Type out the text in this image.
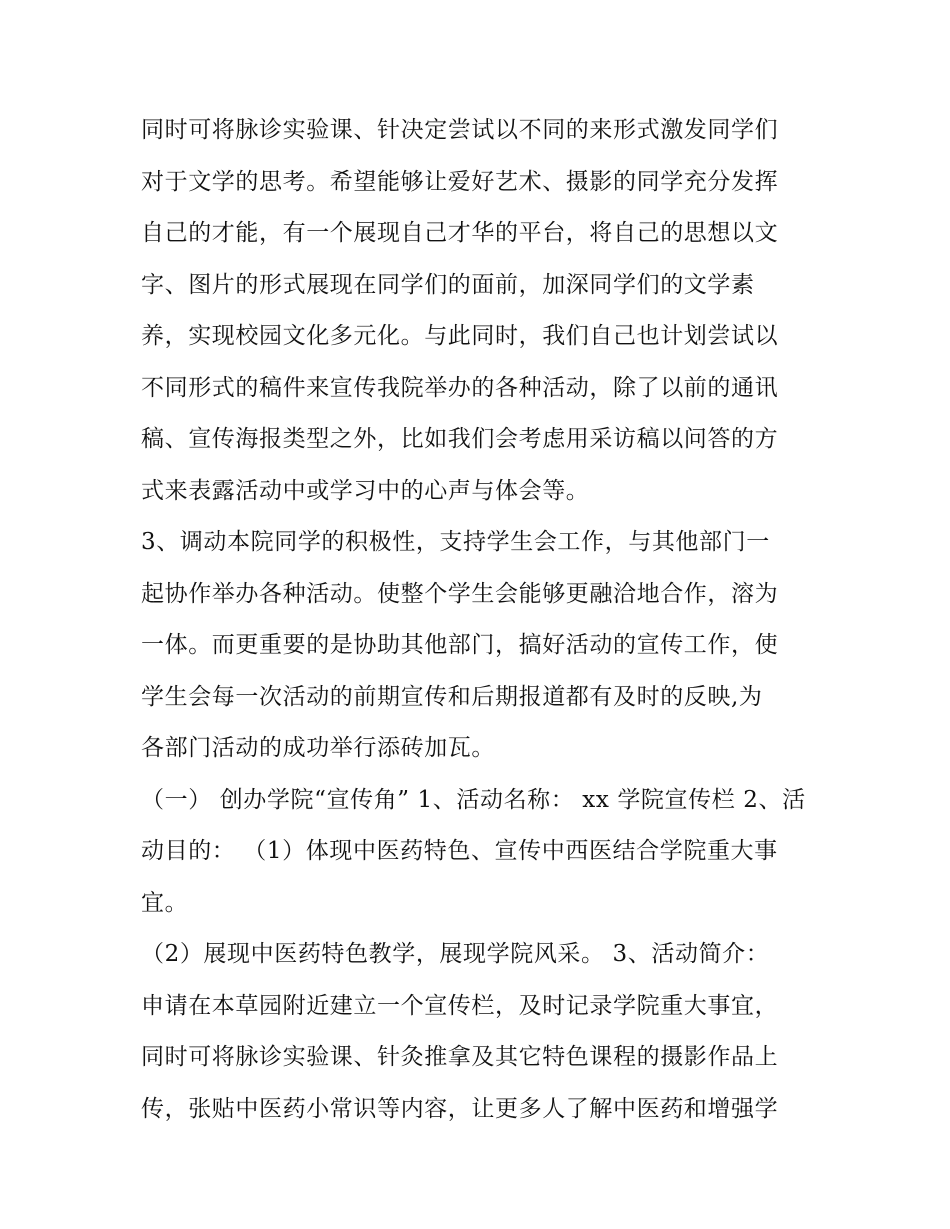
同时可将脉诊实验课、针决定尝试以不同的来形式激发同学们
对于文学的思考。希望能够让爱好艺术、摄影的同学充分发挥
自己的才能，有一个展现自己才华的平台，将自己的思想以文
字、图片的形式展现在同学们的面前，加深同学们的文学素
养，实现校园文化多元化。与此同时，我们自己也计划尝试以
不同形式的稿件来宣传我院举办的各种活动，除了以前的通讯
稿、宣传海报类型之外，比如我们会考虑用采访稿以问答的方
式来表露活动中或学习中的心声与体会等。
3、调动本院同学的积极性，支持学生会工作，与其他部门一
起协作举办各种活动。使整个学生会能够更融洽地合作，溶为
一体。而更重要的是协助其他部门，搞好活动的宣传工作，使
学生会每一次活动的前期宣传和后期报道都有及时的反映,为
各部门活动的成功举行添砖加瓦。
（一） 创办学院“宣传角” 1、活动名称： xx 学院宣传栏 2、活
动目的： （1）体现中医药特色、宣传中西医结合学院重大事
宜。
（2）展现中医药特色教学，展现学院风采。 3、活动简介：
申请在本草园附近建立一个宣传栏，及时记录学院重大事宜，
同时可将脉诊实验课、针灸推拿及其它特色课程的摄影作品上
传，张贴中医药小常识等内容，让更多人了解中医药和增强学
